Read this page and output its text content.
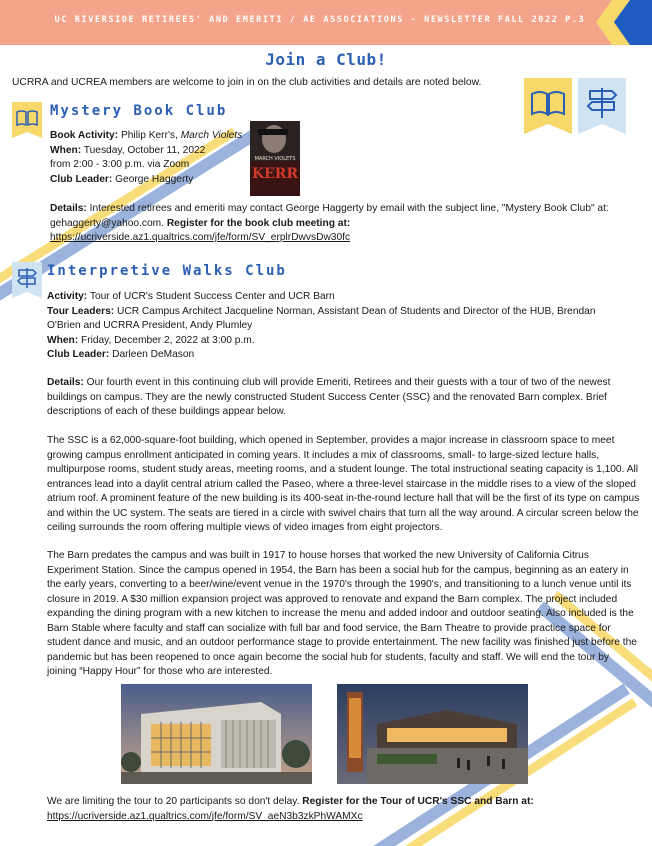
UC RIVERSIDE RETIREES' AND EMERITI / AE ASSOCIATIONS - NEWSLETTER FALL 2022 P.3
Join a Club!
UCRRA and UCREA members are welcome to join in on the club activities and details are noted below.
Mystery Book Club

Book Activity: Philip Kerr's, March Violets

When: Tuesday, October 11, 2022

from 2:00 - 3:00 p.m. via Zoom

Club Leader: George Haggerty

MARCH VIOLETS
KERR

Details: Interested retirees and emeriti may contact George Haggerty by email with the subject line, "Mystery Book Club" at: gehaggerty@yahoo.com. Register for the book club meeting at:

https://ucriverside.az1.qualtrics.com/jfe/form/SV_erplrDwvsDw30fc

Interpretive Walks Club

Activity: Tour of UCR's Student Success Center and UCR Barn

Tour Leaders: UCR Campus Architect Jacqueline Norman, Assistant Dean of Students and Director of the HUB, Brendan O'Brien and UCRRA President, Andy Plumley

When: Friday, December 2, 2022 at 3:00 p.m.

Club Leader: Darleen DeMason

Details: Our fourth event in this continuing club will provide Emeriti, Retirees and their guests with a tour of two of the newest buildings on campus. They are the newly constructed Student Success Center (SSC) and the renovated Barn complex. Brief descriptions of each of these buildings appear below.

The SSC is a 62,000-square-foot building, which opened in September, provides a major increase in classroom space to meet growing campus enrollment anticipated in coming years. It includes a mix of classrooms, small- to large-sized lecture halls, multipurpose rooms, student study areas, meeting rooms, and a student lounge. The total instructional seating capacity is 1,100. All entrances lead into a daylit central atrium called the Paseo, where a three-level staircase in the middle rises to a view of the sloped atrium roof. A prominent feature of the new building is its 400-seat in-the-round lecture hall that will be the first of its type on campus and within the UC system. The seats are tiered in a circle with swivel chairs that turn all the way around. A circular screen below the ceiling surrounds the room offering multiple views of video images from eight projectors.
The Barn predates the campus and was built in 1917 to house horses that worked the new University of California Citrus Experiment Station. Since the campus opened in 1954, the Barn has been a social hub for the campus, beginning as an eatery in the early years, converting to a beer/wine/event venue in the 1970's through the 1990's, and transitioning to a lunch venue until its closure in 2019. A $30 million expansion project was approved to renovate and expand the Barn complex. The project included expanding the dining program with a new kitchen to increase the menu and added indoor and outdoor seating. Also included is the Barn Stable where faculty and staff can socialize with full bar and food service, the Barn Theatre to provide practice space for student dance and music, and an outdoor performance stage to provide entertainment. The new facility was finished just before the pandemic but has been reopened to once again become the social hub for students, faculty and staff. We will end the tour by joining “Happy Hour” for those who are interested.

We are limiting the tour to 20 participants so don't delay. Register for the Tour of UCR's SSC and Barn at:

https://ucriverside.az1.qualtrics.com/jfe/form/SV_aeN3b3zkPhWAMXc
